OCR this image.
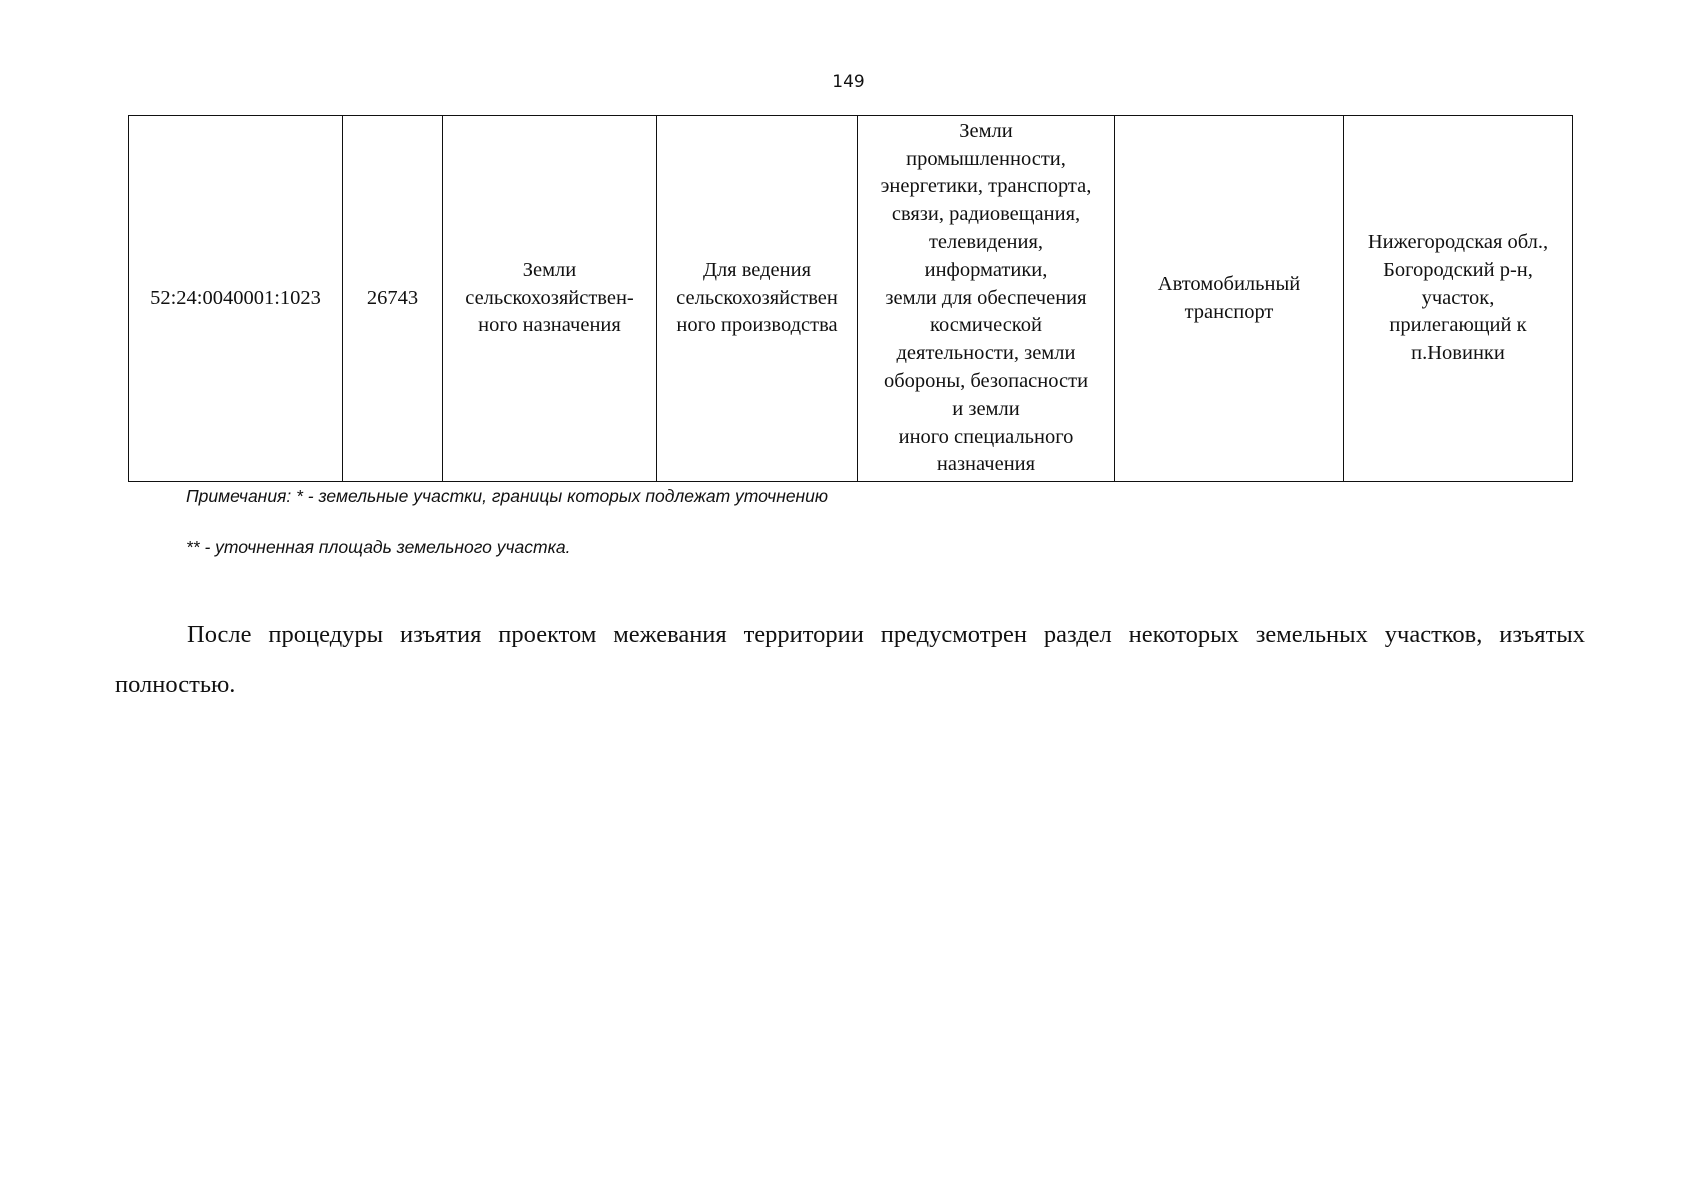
149
52:24:0040001:1023	26743	Земли
сельскохозяйствен-
ного назначения	Для ведения
сельскохозяйствен
ного производства	Земли
промышленности,
энергетики, транспорта,
связи, радиовещания,
телевидения,
информатики,
земли для обеспечения
космической
деятельности, земли
обороны, безопасности
и земли
иного специального
назначения	Автомобильный
транспорт	Нижегородская обл.,
Богородский р-н,
участок,
прилегающий к
п.Новинки
Примечания: * - земельные участки, границы которых подлежат уточнению
** - уточненная площадь земельного участка.

После процедуры изъятия проектом межевания территории предусмотрен раздел некоторых земельных участков, изъятых полностью.
